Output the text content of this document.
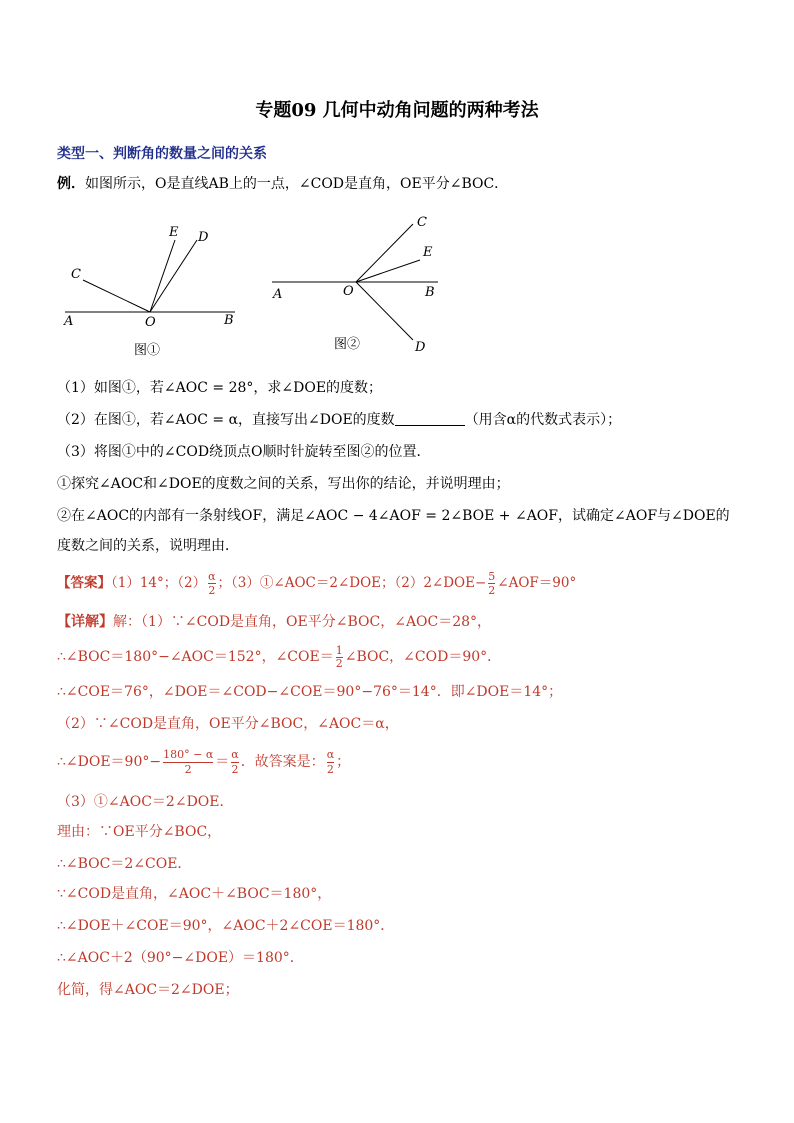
专题09 几何中动角问题的两种考法
类型一、判断角的数量之间的关系
例．如图所示，O是直线AB上的一点，∠COD是直角，OE平分∠BOC．
A	B
C
D
E
O
图①
A	B
C
D
E
O
图②
（1）如图①，若∠AOC = 28°，求∠DOE的度数；
（2）在图①，若∠AOC = α，直接写出∠DOE的度数	（用含α的代数式表示）；
（3）将图①中的∠COD绕顶点O顺时针旋转至图②的位置．
①探究∠AOC和∠DOE的度数之间的关系，写出你的结论，并说明理由；
②在∠AOC的内部有一条射线OF，满足∠AOC − 4∠AOF = 2∠BOE + ∠AOF，试确定∠AOF与∠DOE的
度数之间的关系，说明理由．
【答案】（1）14°；$(2) \frac{\alpha}{2}$ ；（3）①∠AOC＝2∠DOE；（2）2∠DOE− $\frac{5}{2}$ ∠AOF＝90°
【详解】解：（1）∵∠COD是直角，OE平分∠BOC，∠AOC＝28°，
∴∠BOC＝180°−∠AOC＝152°，∠COE＝ $\frac{1}{2}$ ∠BOC，∠COD＝90°．
∴∠COE＝76°，∠DOE＝∠COD−∠COE＝90°−76°＝14°．即∠DOE＝14°；
（2）∵∠COD是直角，OE平分∠BOC，∠AOC＝α，
∴∠DOE＝90°− $\frac{180^\circ - \alpha}{2} = \frac{\alpha}{2}$ ．故答案是： $\frac{\alpha}{2}$ ；
（3）①∠AOC＝2∠DOE．
理由：∵OE平分∠BOC，
∴∠BOC＝2∠COE．
∵∠COD是直角，∠AOC＋∠BOC＝180°，
∴∠DOE＋∠COE＝90°，∠AOC＋2∠COE＝180°．
∴∠AOC＋2（90°−∠DOE）＝180°．
化简，得∠AOC＝2∠DOE；
